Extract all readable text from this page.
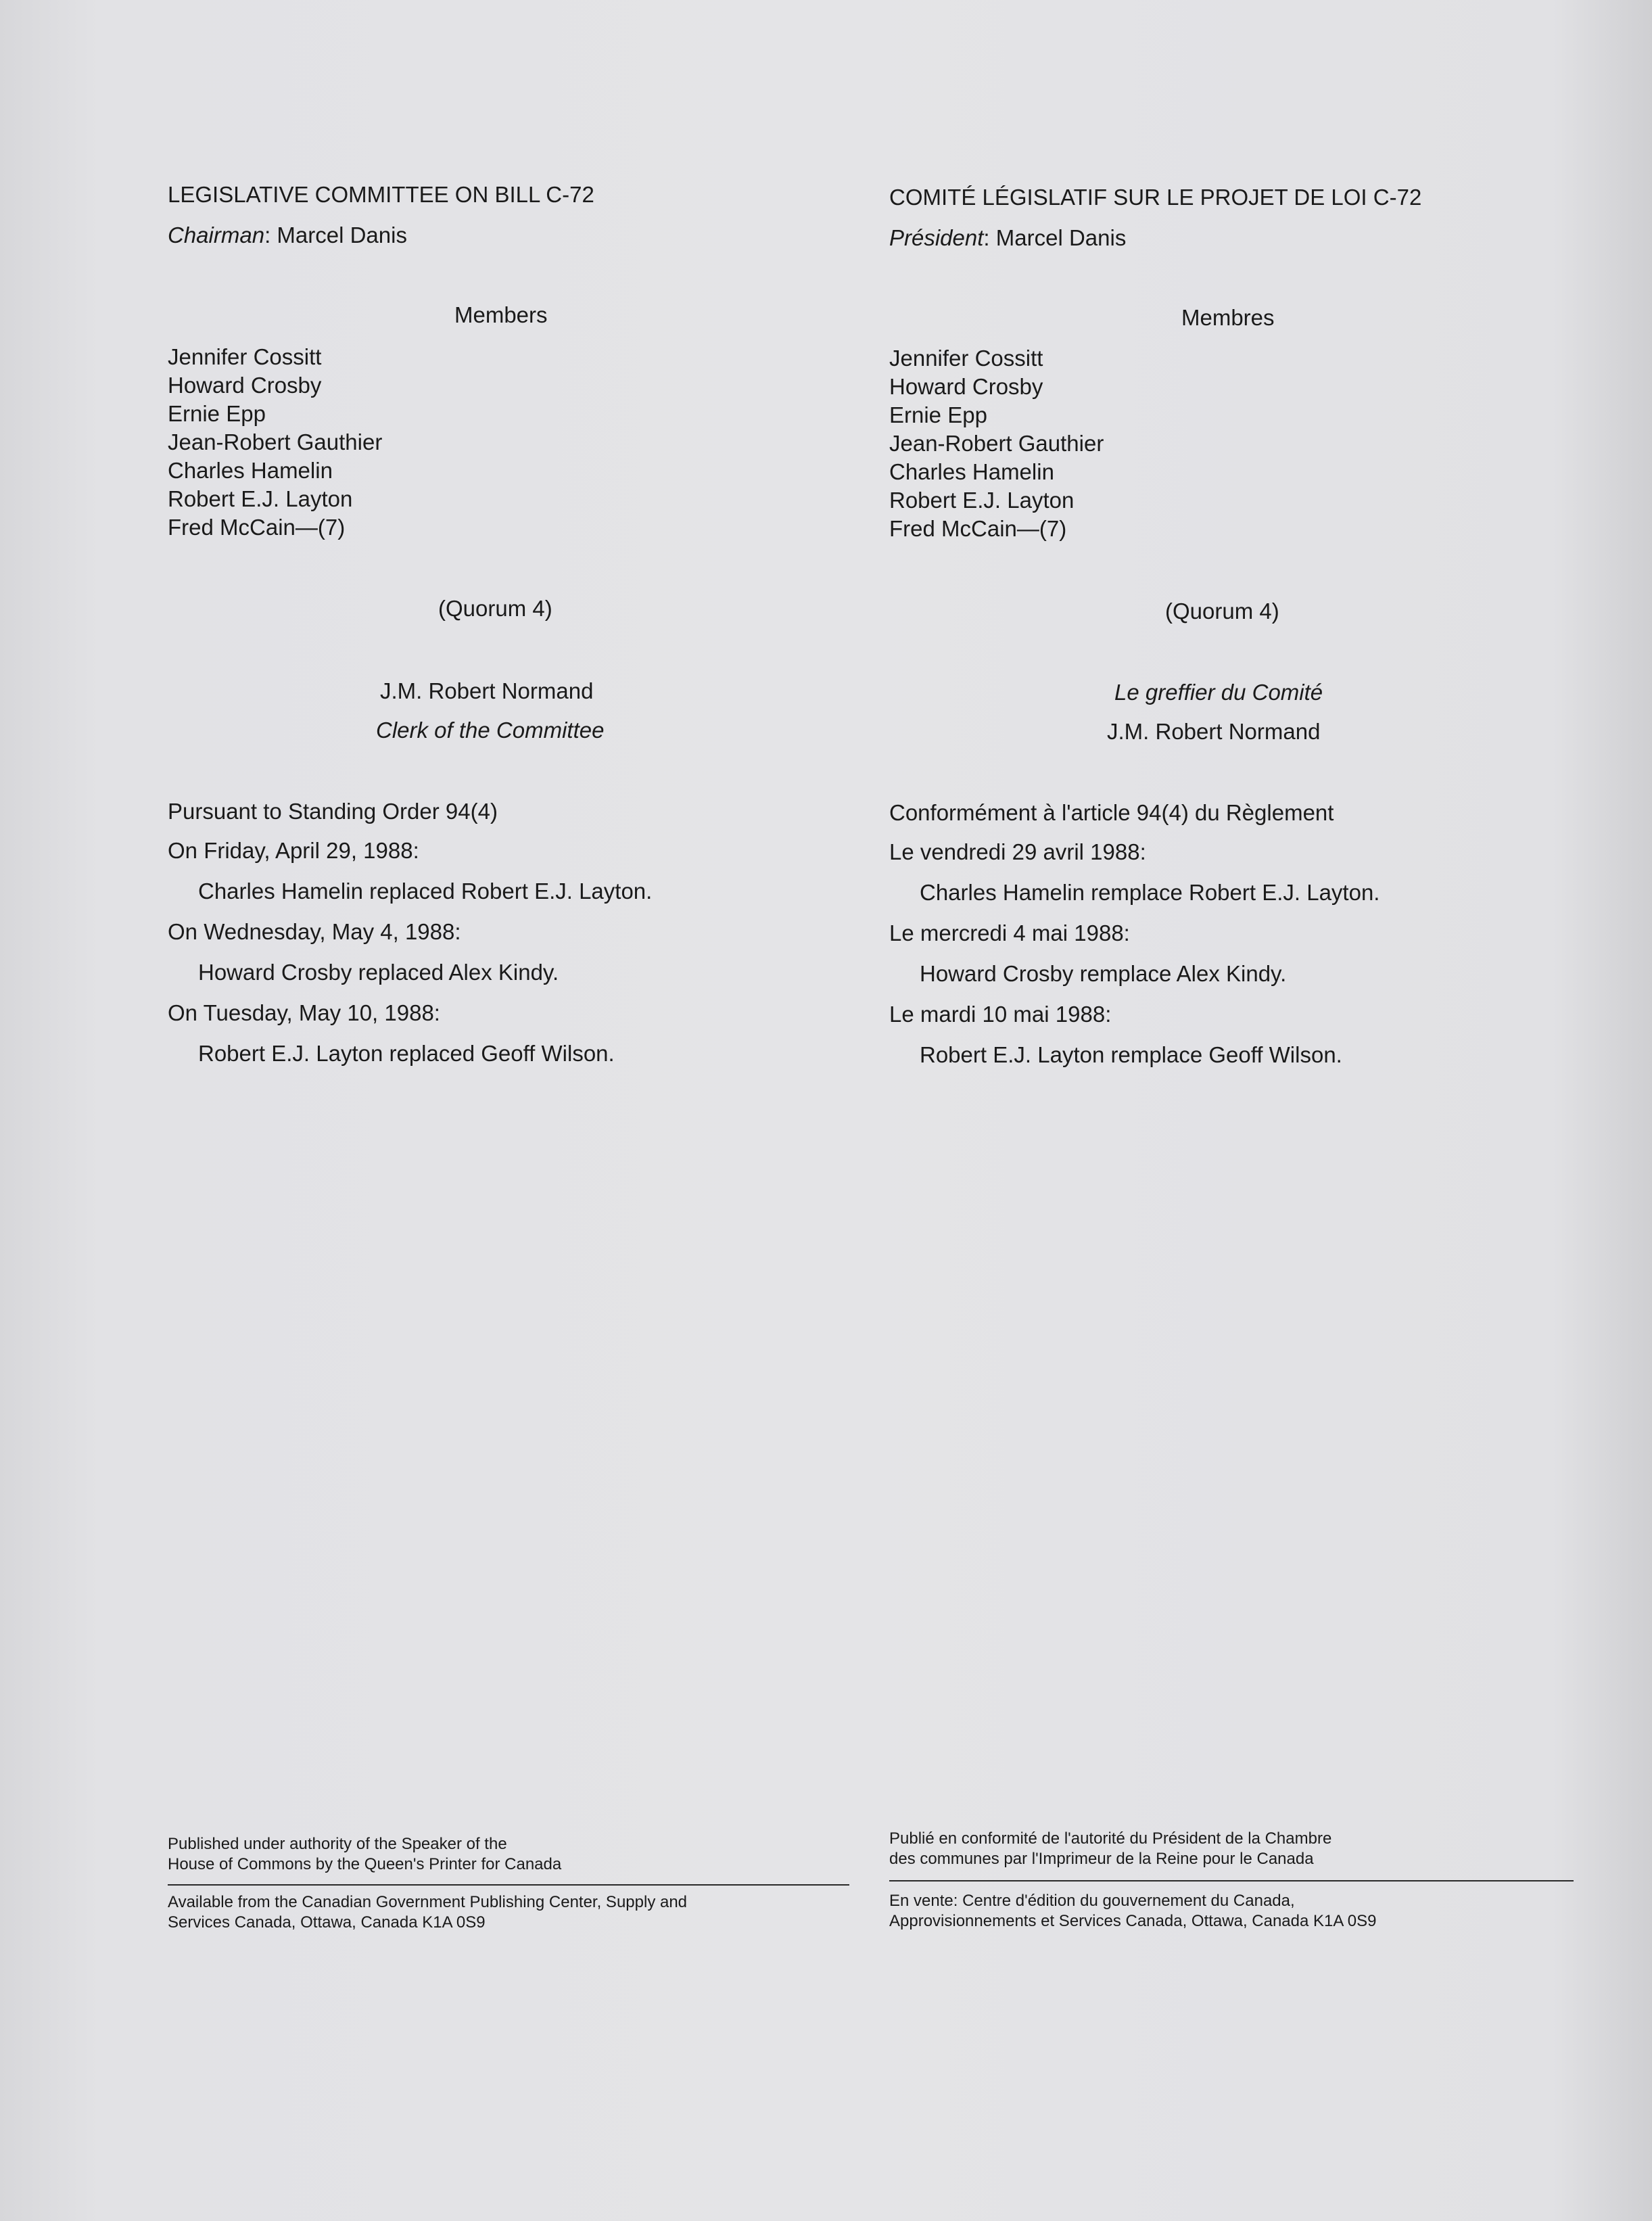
LEGISLATIVE COMMITTEE ON BILL C-72
Chairman: Marcel Danis
Members
Jennifer Cossitt
Howard Crosby
Ernie Epp
Jean-Robert Gauthier
Charles Hamelin
Robert E.J. Layton
Fred McCain—(7)
(Quorum 4)
J.M. Robert Normand
Clerk of the Committee
Pursuant to Standing Order 94(4)
On Friday, April 29, 1988:
Charles Hamelin replaced Robert E.J. Layton.
On Wednesday, May 4, 1988:
Howard Crosby replaced Alex Kindy.
On Tuesday, May 10, 1988:
Robert E.J. Layton replaced Geoff Wilson.
Published under authority of the Speaker of the
House of Commons by the Queen's Printer for Canada
Available from the Canadian Government Publishing Center, Supply and
Services Canada, Ottawa, Canada K1A 0S9
COMITÉ LÉGISLATIF SUR LE PROJET DE LOI C-72
Président: Marcel Danis
Membres
Jennifer Cossitt
Howard Crosby
Ernie Epp
Jean-Robert Gauthier
Charles Hamelin
Robert E.J. Layton
Fred McCain—(7)
(Quorum 4)
Le greffier du Comité
J.M. Robert Normand
Conformément à l'article 94(4) du Règlement
Le vendredi 29 avril 1988:
Charles Hamelin remplace Robert E.J. Layton.
Le mercredi 4 mai 1988:
Howard Crosby remplace Alex Kindy.
Le mardi 10 mai 1988:
Robert E.J. Layton remplace Geoff Wilson.
Publié en conformité de l'autorité du Président de la Chambre
des communes par l'Imprimeur de la Reine pour le Canada
En vente: Centre d'édition du gouvernement du Canada,
Approvisionnements et Services Canada, Ottawa, Canada K1A 0S9
